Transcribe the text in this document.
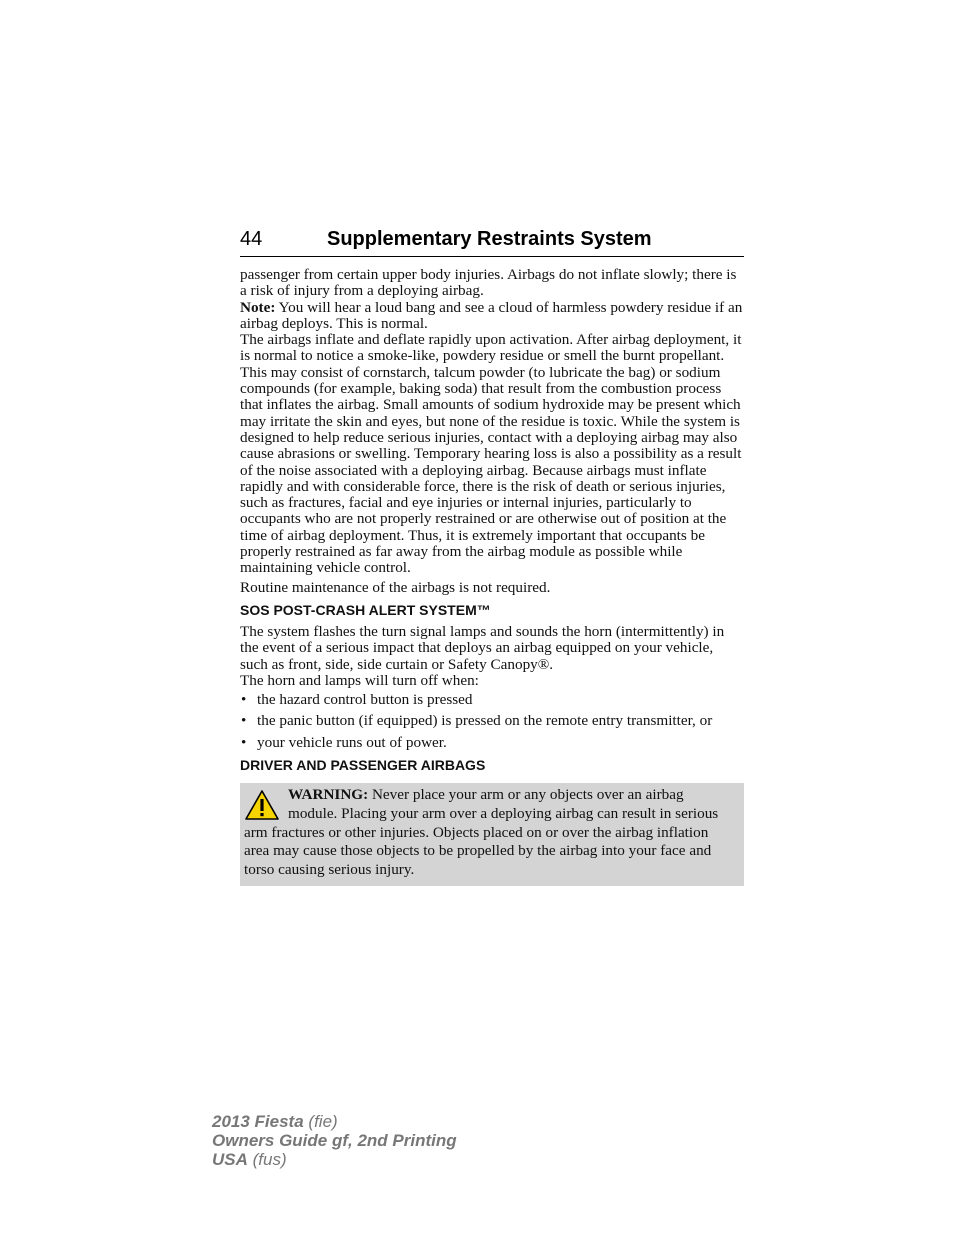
44	Supplementary Restraints System

passenger from certain upper body injuries. Airbags do not inflate slowly; there is a risk of injury from a deploying airbag.

Note: You will hear a loud bang and see a cloud of harmless powdery residue if an airbag deploys. This is normal.

The airbags inflate and deflate rapidly upon activation. After airbag deployment, it is normal to notice a smoke-like, powdery residue or smell the burnt propellant. This may consist of cornstarch, talcum powder (to lubricate the bag) or sodium compounds (for example, baking soda) that result from the combustion process that inflates the airbag. Small amounts of sodium hydroxide may be present which may irritate the skin and eyes, but none of the residue is toxic. While the system is designed to help reduce serious injuries, contact with a deploying airbag may also cause abrasions or swelling. Temporary hearing loss is also a possibility as a result of the noise associated with a deploying airbag. Because airbags must inflate rapidly and with considerable force, there is the risk of death or serious injuries, such as fractures, facial and eye injuries or internal injuries, particularly to occupants who are not properly restrained or are otherwise out of position at the time of airbag deployment. Thus, it is extremely important that occupants be properly restrained as far away from the airbag module as possible while maintaining vehicle control.

Routine maintenance of the airbags is not required.

SOS POST-CRASH ALERT SYSTEM™

The system flashes the turn signal lamps and sounds the horn (intermittently) in the event of a serious impact that deploys an airbag equipped on your vehicle, such as front, side, side curtain or Safety Canopy®.

The horn and lamps will turn off when:

• the hazard control button is pressed
• the panic button (if equipped) is pressed on the remote entry transmitter, or
• your vehicle runs out of power.
DRIVER AND PASSENGER AIRBAGS
WARNING: Never place your arm or any objects over an airbag module. Placing your arm over a deploying airbag can result in serious arm fractures or other injuries. Objects placed on or over the airbag inflation area may cause those objects to be propelled by the airbag into your face and torso causing serious injury.
2013 Fiesta (fie)
Owners Guide gf, 2nd Printing
USA (fus)
